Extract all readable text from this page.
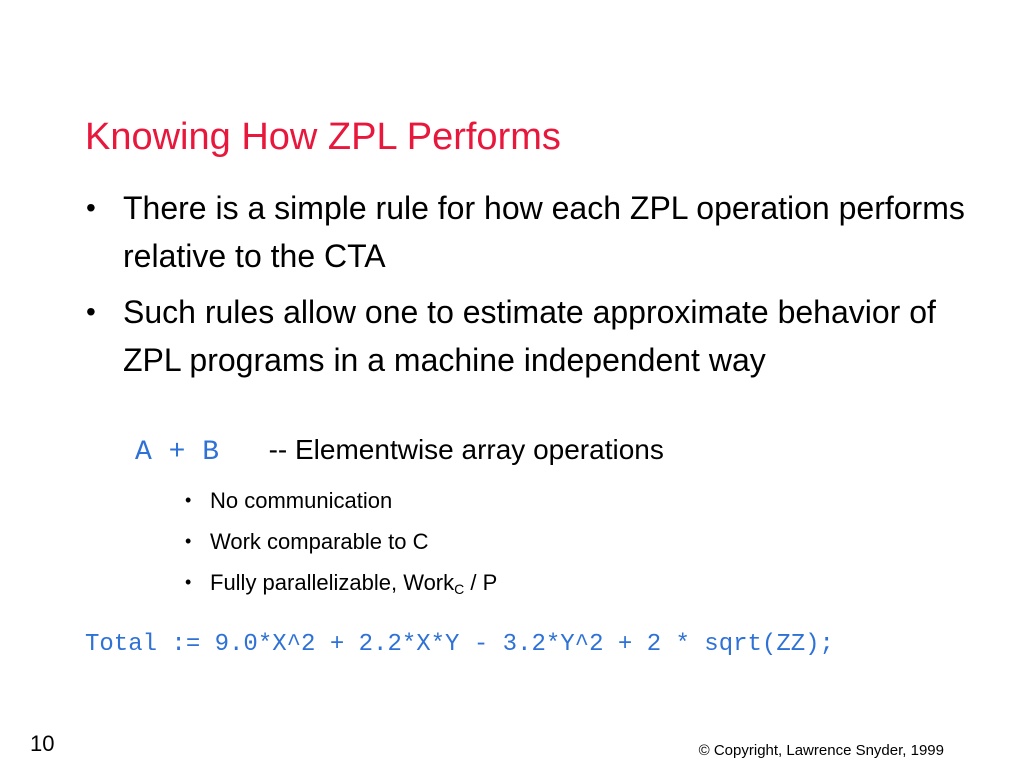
Knowing How ZPL Performs
• There is a simple rule for how each ZPL operation performs relative to the CTA
• Such rules allow one to estimate approximate behavior of ZPL programs in a machine independent way
A + B -- Elementwise array operations
• No communication
• Work comparable to C
• Fully parallelizable, Work$_C$ / P
Total := 9.0*X^2 + 2.2*X*Y - 3.2*Y^2 + 2 * sqrt(ZZ);
10	© Copyright, Lawrence Snyder, 1999
